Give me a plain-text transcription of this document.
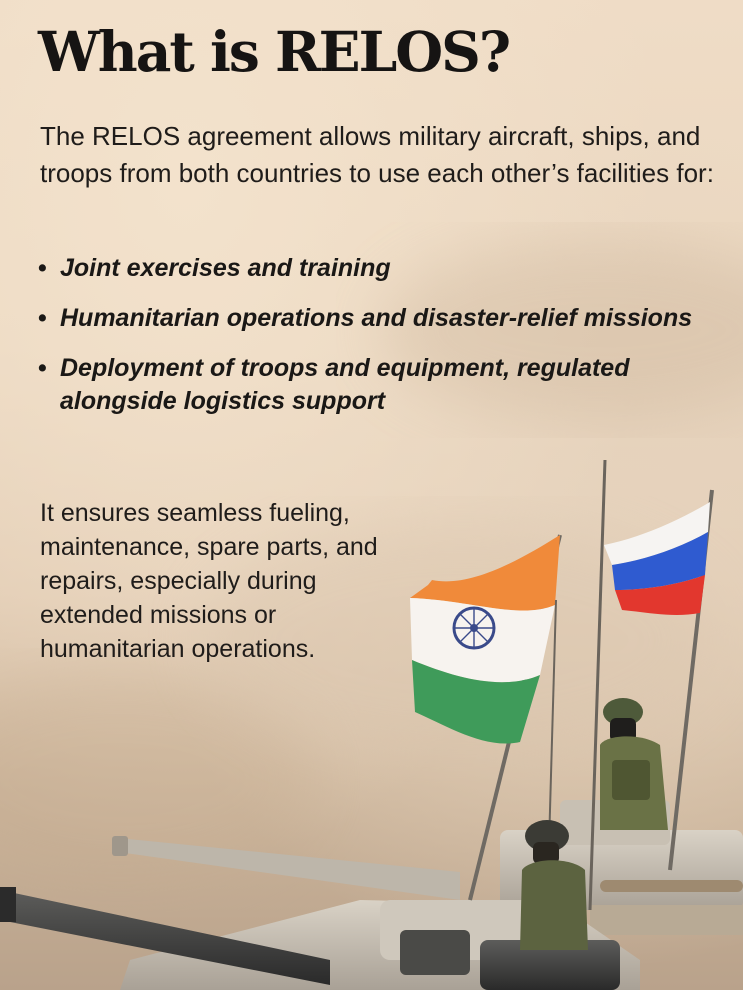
What is RELOS?

The RELOS agreement allows military aircraft, ships, and troops from both countries to use each other’s facilities for:

• Joint exercises and training
• Humanitarian operations and disaster-relief missions
• Deployment of troops and equipment, regulated alongside logistics support

It ensures seamless fueling, maintenance, spare parts, and repairs, especially during extended missions or humanitarian operations.
